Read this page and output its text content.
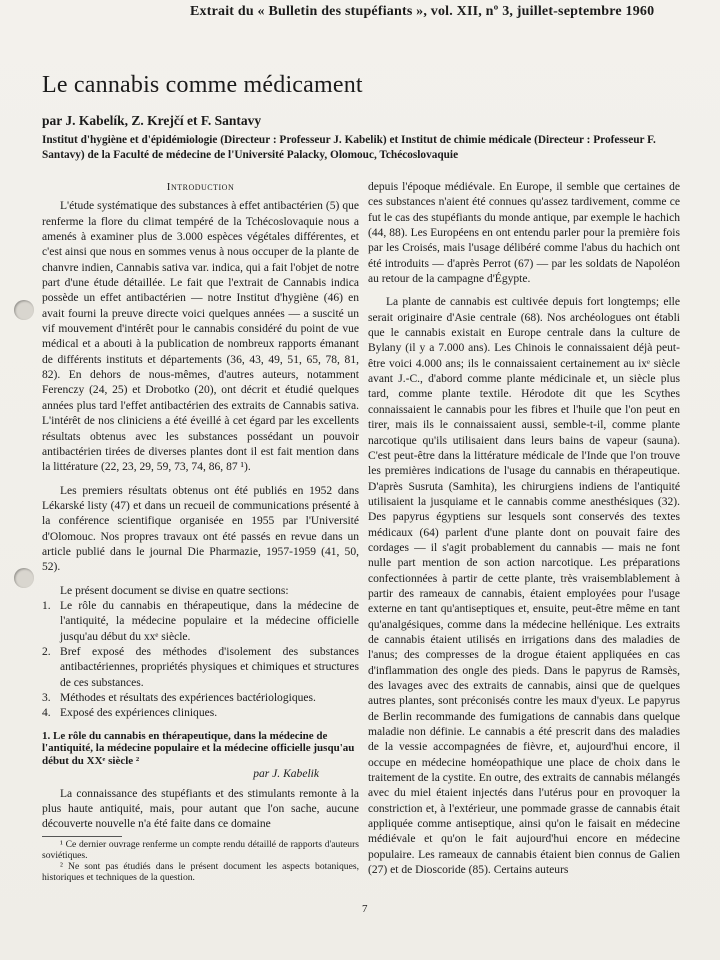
Extrait du « Bulletin des stupéfiants », vol. XII, nº 3, juillet-septembre 1960
Le cannabis comme médicament
par J. Kabelík, Z. Krejčí et F. Santavy
Institut d'hygiène et d'épidémiologie (Directeur : Professeur J. Kabelik) et Institut de chimie médicale (Directeur : Professeur F. Santavy) de la Faculté de médecine de l'Université Palacky, Olomouc, Tchécoslovaquie
Introduction

L'étude systématique des substances à effet antibactérien (5) que renferme la flore du climat tempéré de la Tchécoslovaquie nous a amenés à examiner plus de 3.000 espèces végétales différentes, et c'est ainsi que nous en sommes venus à nous occuper de la plante de chanvre indien, Cannabis sativa var. indica, qui a fait l'objet de notre part d'une étude détaillée. Le fait que l'extrait de Cannabis indica possède un effet antibactérien — notre Institut d'hygiène (46) en avait fourni la preuve directe voici quelques années — a suscité un vif mouvement d'intérêt pour le cannabis considéré du point de vue médical et a abouti à la publication de nombreux rapports émanant de différents instituts et départements (36, 43, 49, 51, 65, 78, 81, 82). En dehors de nous-mêmes, d'autres auteurs, notamment Ferenczy (24, 25) et Drobotko (20), ont décrit et étudié quelques années plus tard l'effet antibactérien des extraits de Cannabis sativa. L'intérêt de nos cliniciens a été éveillé à cet égard par les excellents résultats obtenus avec les substances possédant un pouvoir antibactérien tirées de diverses plantes dont il est fait mention dans la littérature (22, 23, 29, 59, 73, 74, 86, 87 ¹).

Les premiers résultats obtenus ont été publiés en 1952 dans Lékarské listy (47) et dans un recueil de communications présenté à la conférence scientifique organisée en 1955 par l'Université d'Olomouc. Nos propres travaux ont été passés en revue dans un article publié dans le journal Die Pharmazie, 1957-1959 (41, 50, 52).

Le présent document se divise en quatre sections:

1. Le rôle du cannabis en thérapeutique, dans la médecine de l'antiquité, la médecine populaire et la médecine officielle jusqu'au début du xxᵉ siècle.
2. Bref exposé des méthodes d'isolement des substances antibactériennes, propriétés physiques et chimiques et structures de ces substances.
3. Méthodes et résultats des expériences bactériologiques.
4. Exposé des expériences cliniques.
1. Le rôle du cannabis en thérapeutique, dans la médecine de l'antiquité, la médecine populaire et la médecine officielle jusqu'au début du XXᵉ siècle ²
par J. Kabelik

La connaissance des stupéfiants et des stimulants remonte à la plus haute antiquité, mais, pour autant que l'on sache, aucune découverte nouvelle n'a été faite dans ce domaine

¹ Ce dernier ouvrage renferme un compte rendu détaillé de rapports d'auteurs soviétiques.

² Ne sont pas étudiés dans le présent document les aspects botaniques, historiques et techniques de la question.

depuis l'époque médiévale. En Europe, il semble que certaines de ces substances n'aient été connues qu'assez tardivement, comme ce fut le cas des stupéfiants du monde antique, par exemple le hachich (44, 88). Les Européens en ont entendu parler pour la première fois par les Croisés, mais l'usage délibéré comme l'abus du hachich ont été introduits — d'après Perrot (67) — par les soldats de Napoléon au retour de la campagne d'Égypte.

La plante de cannabis est cultivée depuis fort longtemps; elle serait originaire d'Asie centrale (68). Nos archéologues ont établi que le cannabis existait en Europe centrale dans la culture de Bylany (il y a 7.000 ans). Les Chinois le connaissaient déjà peut-être voici 4.000 ans; ils le connaissaient certainement au ixᵉ siècle avant J.-C., d'abord comme plante médicinale et, un siècle plus tard, comme plante textile. Hérodote dit que les Scythes connaissaient le cannabis pour les fibres et l'huile que l'on peut en tirer, mais ils le connaissaient aussi, semble-t-il, comme plante narcotique qu'ils utilisaient dans leurs bains de vapeur (sauna). C'est peut-être dans la littérature médicale de l'Inde que l'on trouve les premières indications de l'usage du cannabis en thérapeutique. D'après Susruta (Samhita), les chirurgiens indiens de l'antiquité utilisaient la jusquiame et le cannabis comme anesthésiques (32). Des papyrus égyptiens sur lesquels sont conservés des textes médicaux (64) parlent d'une plante dont on pouvait faire des cordages — il s'agit probablement du cannabis — mais ne font nulle part mention de son action narcotique. Les préparations confectionnées à partir de cette plante, très vraisemblablement à partir des rameaux de cannabis, étaient employées pour l'usage externe en tant qu'antiseptiques et, ensuite, peut-être même en tant qu'analgésiques, comme dans la médecine hellénique. Les extraits de cannabis étaient utilisés en irrigations dans des maladies de l'anus; des compresses de la drogue étaient appliquées en cas d'inflammation des ongle des pieds. Dans le papyrus de Ramsès, des lavages avec des extraits de cannabis, ainsi que de quelques autres plantes, sont préconisés contre les maux d'yeux. Le papyrus de Berlin recommande des fumigations de cannabis dans quelque maladie non définie. Le cannabis a été prescrit dans des maladies de la vessie accompagnées de fièvre, et, aujourd'hui encore, il occupe en médecine homéopathique une place de choix dans le traitement de la cystite. En outre, des extraits de cannabis mélangés avec du miel étaient injectés dans l'utérus pour en provoquer la constriction et, à l'extérieur, une pommade grasse de cannabis était appliquée comme antiseptique, ainsi qu'on le faisait en médecine médiévale et qu'on le fait aujourd'hui encore en médecine populaire. Les rameaux de cannabis étaient bien connus de Galien (27) et de Dioscoride (85). Certains auteurs

7
